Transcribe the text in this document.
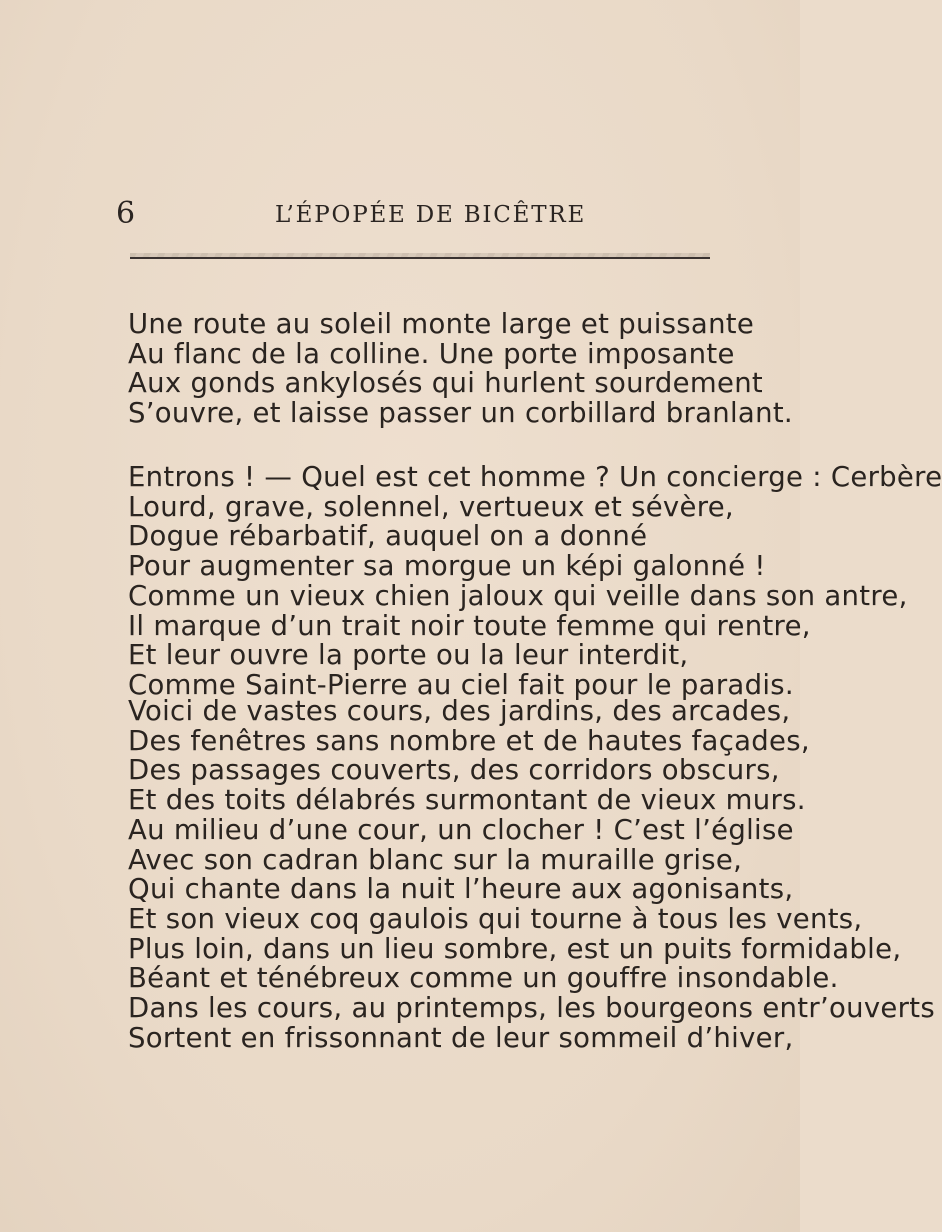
6	L’ÉPOPÉE DE BICÊTRE
Une route au soleil monte large et puissante
Au flanc de la colline. Une porte imposante
Aux gonds ankylosés qui hurlent sourdement
S’ouvre, et laisse passer un corbillard branlant.
Entrons ! — Quel est cet homme ? Un concierge : Cerbère
Lourd, grave, solennel, vertueux et sévère,
Dogue rébarbatif, auquel on a donné
Pour augmenter sa morgue un képi galonné !
Comme un vieux chien jaloux qui veille dans son antre,
Il marque d’un trait noir toute femme qui rentre,
Et leur ouvre la porte ou la leur interdit,
Comme Saint-Pierre au ciel fait pour le paradis.
Voici de vastes cours, des jardins, des arcades,
Des fenêtres sans nombre et de hautes façades,
Des passages couverts, des corridors obscurs,
Et des toits délabrés surmontant de vieux murs.
Au milieu d’une cour, un clocher ! C’est l’église
Avec son cadran blanc sur la muraille grise,
Qui chante dans la nuit l’heure aux agonisants,
Et son vieux coq gaulois qui tourne à tous les vents,
Plus loin, dans un lieu sombre, est un puits formidable,
Béant et ténébreux comme un gouffre insondable.
Dans les cours, au printemps, les bourgeons entr’ouverts
Sortent en frissonnant de leur sommeil d’hiver,
